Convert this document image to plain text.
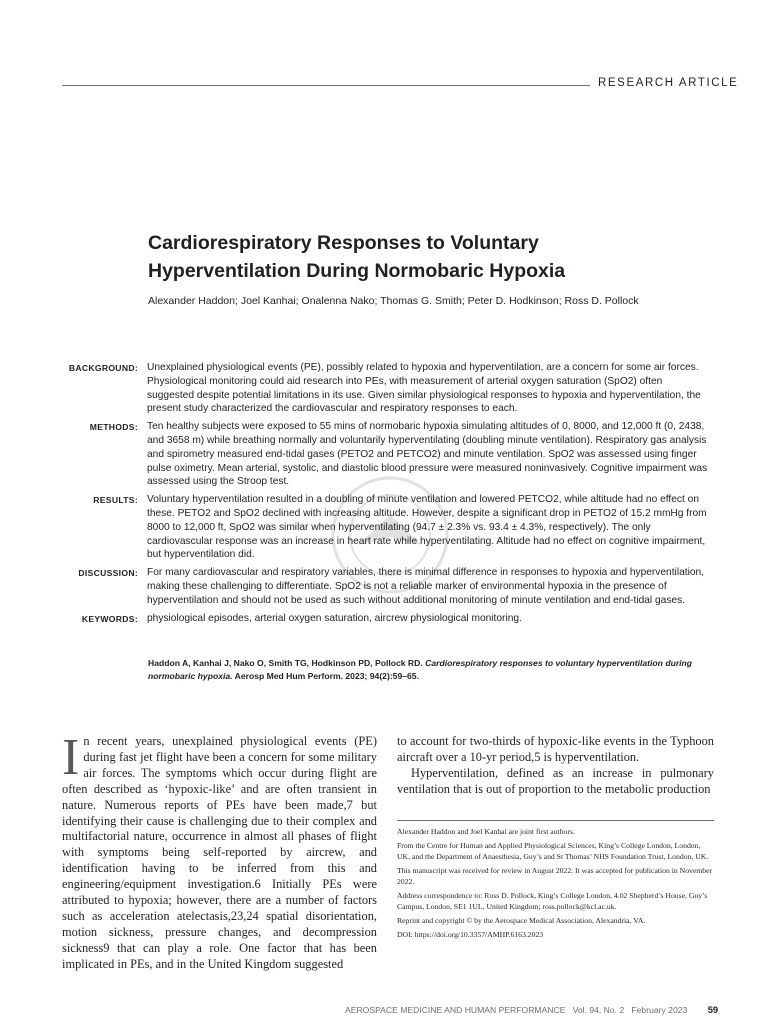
RESEARCH ARTICLE
Cardiorespiratory Responses to Voluntary
Hyperventilation During Normobaric Hypoxia
Alexander Haddon; Joel Kanhai; Onalenna Nako; Thomas G. Smith; Peter D. Hodkinson; Ross D. Pollock
BACKGROUND: Unexplained physiological events (PE), possibly related to hypoxia and hyperventilation, are a concern for some air forces. Physiological monitoring could aid research into PEs, with measurement of arterial oxygen saturation (SpO2) often suggested despite potential limitations in its use. Given similar physiological responses to hypoxia and hyperventilation, the present study characterized the cardiovascular and respiratory responses to each.
METHODS: Ten healthy subjects were exposed to 55 mins of normobaric hypoxia simulating altitudes of 0, 8000, and 12,000 ft (0, 2438, and 3658 m) while breathing normally and voluntarily hyperventilating (doubling minute ventilation). Respiratory gas analysis and spirometry measured end-tidal gases (PETO2 and PETCO2) and minute ventilation. SpO2 was assessed using finger pulse oximetry. Mean arterial, systolic, and diastolic blood pressure were measured noninvasively. Cognitive impairment was assessed using the Stroop test.
RESULTS: Voluntary hyperventilation resulted in a doubling of minute ventilation and lowered PETCO2, while altitude had no effect on these. PETO2 and SpO2 declined with increasing altitude. However, despite a significant drop in PETO2 of 15.2 mmHg from 8000 to 12,000 ft, SpO2 was similar when hyperventilating (94.7 ± 2.3% vs. 93.4 ± 4.3%, respectively). The only cardiovascular response was an increase in heart rate while hyperventilating. Altitude had no effect on cognitive impairment, but hyperventilation did.
DISCUSSION: For many cardiovascular and respiratory variables, there is minimal difference in responses to hypoxia and hyperventilation, making these challenging to differentiate. SpO2 is not a reliable marker of environmental hypoxia in the presence of hyperventilation and should not be used as such without additional monitoring of minute ventilation and end-tidal gases.
KEYWORDS: physiological episodes, arterial oxygen saturation, aircrew physiological monitoring.
Haddon A, Kanhai J, Nako O, Smith TG, Hodkinson PD, Pollock RD. Cardiorespiratory responses to voluntary hyperventilation during normobaric hypoxia. Aerosp Med Hum Perform. 2023; 94(2):59–65.
In recent years, unexplained physiological events (PE) during fast jet flight have been a concern for some military air forces. The symptoms which occur during flight are often described as ‘hypoxic-like’ and are often transient in nature. Numerous reports of PEs have been made,7 but identifying their cause is challenging due to their complex and multifactorial nature, occurrence in almost all phases of flight with symptoms being self-reported by aircrew, and identification having to be inferred from this and engineering/equipment investigation.6 Initially PEs were attributed to hypoxia; however, there are a number of factors such as acceleration atelectasis,23,24 spatial disorientation, motion sickness, pressure changes, and decompression sickness9 that can play a role. One factor that has been implicated in PEs, and in the United Kingdom suggested
to account for two-thirds of hypoxic-like events in the Typhoon aircraft over a 10-yr period,5 is hyperventilation.
Hyperventilation, defined as an increase in pulmonary ventilation that is out of proportion to the metabolic production

Alexander Haddon and Joel Kanhai are joint first authors.

From the Centre for Human and Applied Physiological Sciences, King’s College London, London, UK, and the Department of Anaesthesia, Guy’s and St Thomas’ NHS Foundation Trust, London, UK.

This manuscript was received for review in August 2022. It was accepted for publication in November 2022.

Address correspondence to: Ross D. Pollock, King’s College London, 4.02 Shepherd’s House, Guy’s Campus, London, SE1 1UL, United Kingdom; ross.pollock@kcl.ac.uk.

Reprint and copyright © by the Aerospace Medical Association, Alexandria, VA.

DOI: https://doi.org/10.3357/AMHP.6163.2023

AEROSPACE MEDICINE AND HUMAN PERFORMANCE Vol. 94, No. 2 February 2023 59
